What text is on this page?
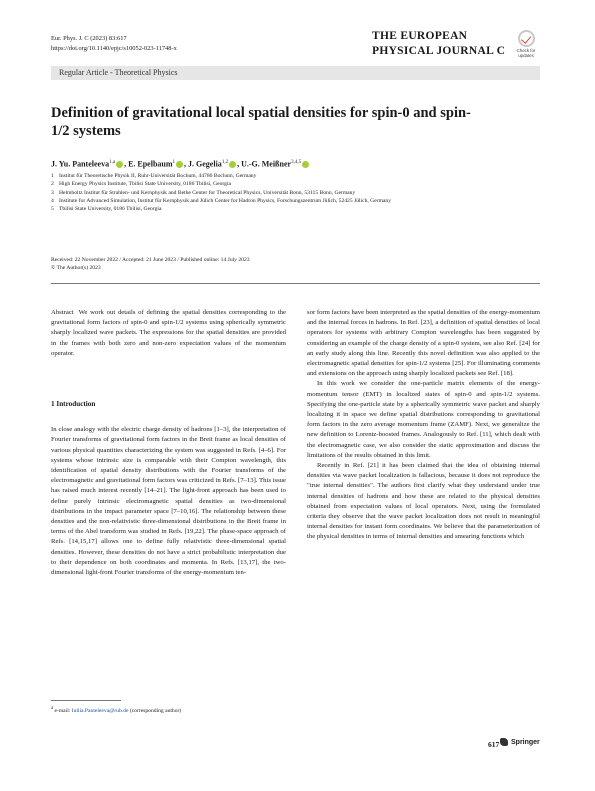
Eur. Phys. J. C (2023) 83:617
https://doi.org/10.1140/epjc/s10052-023-11748-x
THE EUROPEAN
PHYSICAL JOURNAL C	Check for
updates
Regular Article - Theoretical Physics
Definition of gravitational local spatial densities for spin-0 and spin-1/2 systems
J. Yu. Panteleeva$^{1,a}$ , E. Epelbaum$^1$ , J. Gegelia$^{1,2}$ , U.-G. Meißner$^{3,4,5}$
1 Institut für Theoretische Physik II, Ruhr-Universität Bochum, 44780 Bochum, Germany
2 High Energy Physics Institute, Tbilisi State University, 0186 Tbilisi, Georgia
3 Helmholtz Institut für Strahlen- und Kernphysik and Bethe Center for Theoretical Physics, Universität Bonn, 53115 Bonn, Germany
4 Institute for Advanced Simulation, Institut für Kernphysik and Jülich Center for Hadron Physics, Forschungszentrum Jülich, 52425 Jülich, Germany
5 Tbilisi State University, 0186 Tbilisi, Georgia
Received: 22 November 2022 / Accepted: 21 June 2023 / Published online: 14 July 2023
© The Author(s) 2023

Abstract We work out details of defining the spatial densities corresponding to the gravitational form factors of spin-0 and spin-1/2 systems using spherically symmetric sharply localized wave packets. The expressions for the spatial densities are provided in the frames with both zero and non-zero expectation values of the momentum operator.

1 Introduction

In close analogy with the electric charge density of hadrons [1–3], the interpretation of Fourier transforms of gravitational form factors in the Breit frame as local densities of various physical quantities characterizing the system was suggested in Refs. [4–6]. For systems whose intrinsic size is comparable with their Compton wavelength, this identification of spatial density distributions with the Fourier transforms of the electromagnetic and gravitational form factors was criticized in Refs. [7–13]. This issue has raised much interest recently [14–21]. The light-front approach has been used to define purely intrinsic electromagnetic spatial densities as two-dimensional distributions in the impact parameter space [7–10,16]. The relationship between these densities and the non-relativistic three-dimensional distributions in the Breit frame in terms of the Abel transform was studied in Refs. [19,22]. The phase-space approach of Refs. [14,15,17] allows one to define fully relativistic three-dimensional spatial densities. However, these densities do not have a strict probabilistic interpretation due to their dependence on both coordinates and momenta. In Refs. [13,17], the two-dimensional light-front Fourier transforms of the energy-momentum ten-

sor form factors have been interpreted as the spatial densities of the energy-momentum and the internal forces in hadrons. In Ref. [23], a definition of spatial densities of local operators for systems with arbitrary Compton wavelengths has been suggested by considering an example of the charge density of a spin-0 system, see also Ref. [24] for an early study along this line. Recently this novel definition was also applied to the electromagnetic spatial densities for spin-1/2 systems [25]. For illuminating comments and extensions on the approach using sharply localized packets see Ref. [18].

In this work we consider the one-particle matrix elements of the energy-momentum tensor (EMT) in localized states of spin-0 and spin-1/2 systems. Specifying the one-particle state by a spherically symmetric wave packet and sharply localizing it in space we define spatial distributions corresponding to gravitational form factors in the zero average momentum frame (ZAMF). Next, we generalize the new definition to Lorentz-boosted frames. Analogously to Ref. [11], which dealt with the electromagnetic case, we also consider the static approximation and discuss the limitations of the results obtained in this limit.

Recently in Ref. [21] it has been claimed that the idea of obtaining internal densities via wave packet localization is fallacious, because it does not reproduce the "true internal densities". The authors first clarify what they understand under true internal densities of hadrons and how these are related to the physical densities obtained from expectation values of local operators. Next, using the formulated criteria they observe that the wave packet localization does not result in meaningful internal densities for instant form coordinates. We believe that the parameterization of the physical densities in terms of internal densities and smearing functions which

$^a$ e-mail: Iuliia.Panteleeva@rub.de (corresponding author)
617 Springer
